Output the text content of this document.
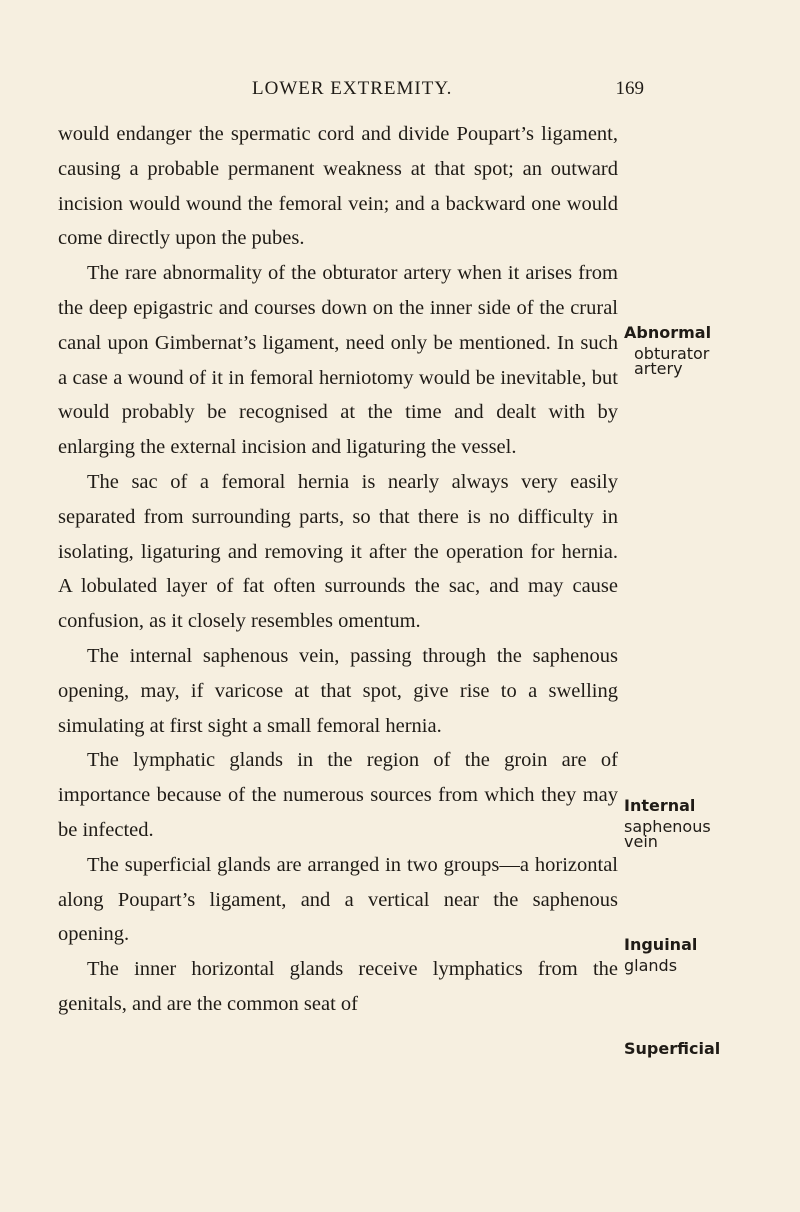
LOWER EXTREMITY.	169

would endanger the spermatic cord and divide Poupart’s ligament, causing a probable permanent weakness at that spot; an outward incision would wound the femoral vein; and a backward one would come directly upon the pubes.

The rare abnormality of the obturator artery when it arises from the deep epigastric and courses down on the inner side of the crural canal upon Gimbernat’s ligament, need only be mentioned. In such a case a wound of it in femoral herniotomy would be inevitable, but would probably be recognised at the time and dealt with by enlarging the external incision and ligaturing the vessel.

The sac of a femoral hernia is nearly always very easily separated from surrounding parts, so that there is no difficulty in isolating, ligaturing and removing it after the operation for hernia. A lobulated layer of fat often surrounds the sac, and may cause confusion, as it closely resembles omentum.

The internal saphenous vein, passing through the saphenous opening, may, if varicose at that spot, give rise to a swelling simulating at first sight a small femoral hernia.

The lymphatic glands in the region of the groin are of importance because of the numerous sources from which they may be infected.

The superficial glands are arranged in two groups—a horizontal along Poupart’s ligament, and a vertical near the saphenous opening.

The inner horizontal glands receive lymphatics from the genitals, and are the common seat of

Abnormal
obturator
artery
Internal
saphenous
vein
Inguinal
glands
Superficial
